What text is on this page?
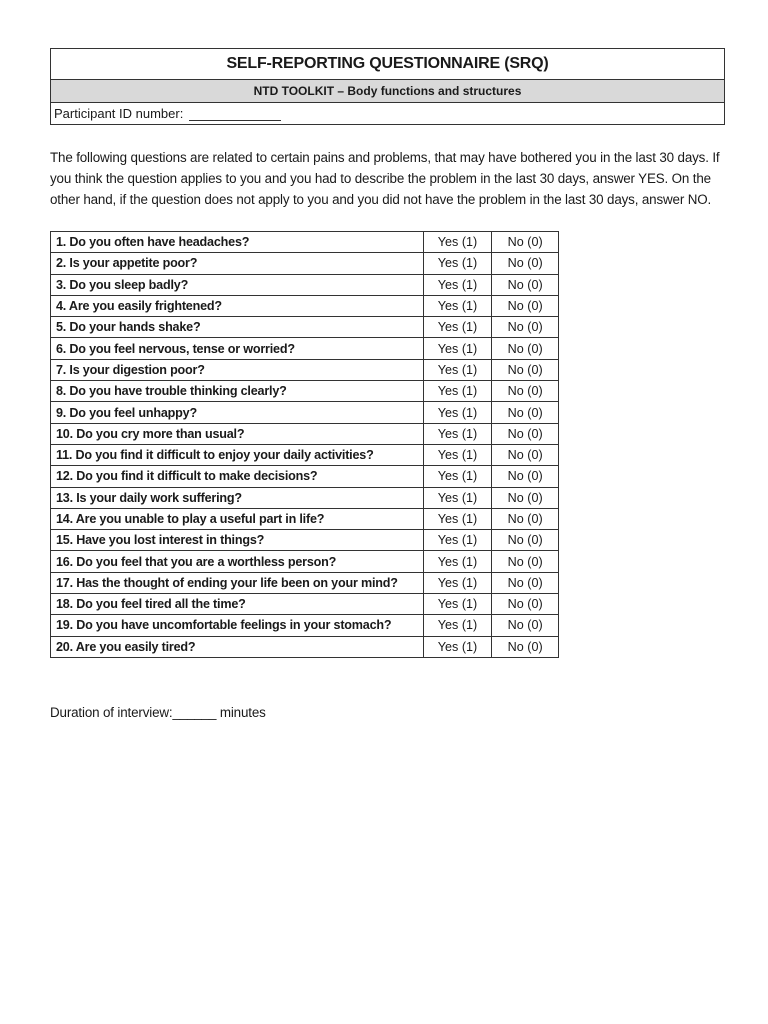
SELF-REPORTING QUESTIONNAIRE (SRQ)
NTD TOOLKIT – Body functions and structures
Participant ID number:
The following questions are related to certain pains and problems, that may have bothered you in the last 30 days. If
you think the question applies to you and you had to describe the problem in the last 30 days, answer YES. On the
other hand, if the question does not apply to you and you did not have the problem in the last 30 days, answer NO.
1. Do you often have headaches?	Yes (1)	No (0)
2. Is your appetite poor?	Yes (1)	No (0)
3. Do you sleep badly?	Yes (1)	No (0)
4. Are you easily frightened?	Yes (1)	No (0)
5. Do your hands shake?	Yes (1)	No (0)
6. Do you feel nervous, tense or worried?	Yes (1)	No (0)
7. Is your digestion poor?	Yes (1)	No (0)
8. Do you have trouble thinking clearly?	Yes (1)	No (0)
9. Do you feel unhappy?	Yes (1)	No (0)
10. Do you cry more than usual?	Yes (1)	No (0)
11. Do you find it difficult to enjoy your daily activities?	Yes (1)	No (0)
12. Do you find it difficult to make decisions?	Yes (1)	No (0)
13. Is your daily work suffering?	Yes (1)	No (0)
14. Are you unable to play a useful part in life?	Yes (1)	No (0)
15. Have you lost interest in things?	Yes (1)	No (0)
16. Do you feel that you are a worthless person?	Yes (1)	No (0)
17. Has the thought of ending your life been on your mind?	Yes (1)	No (0)
18. Do you feel tired all the time?	Yes (1)	No (0)
19. Do you have uncomfortable feelings in your stomach?	Yes (1)	No (0)
20. Are you easily tired?	Yes (1)	No (0)
Duration of interview:______ minutes
